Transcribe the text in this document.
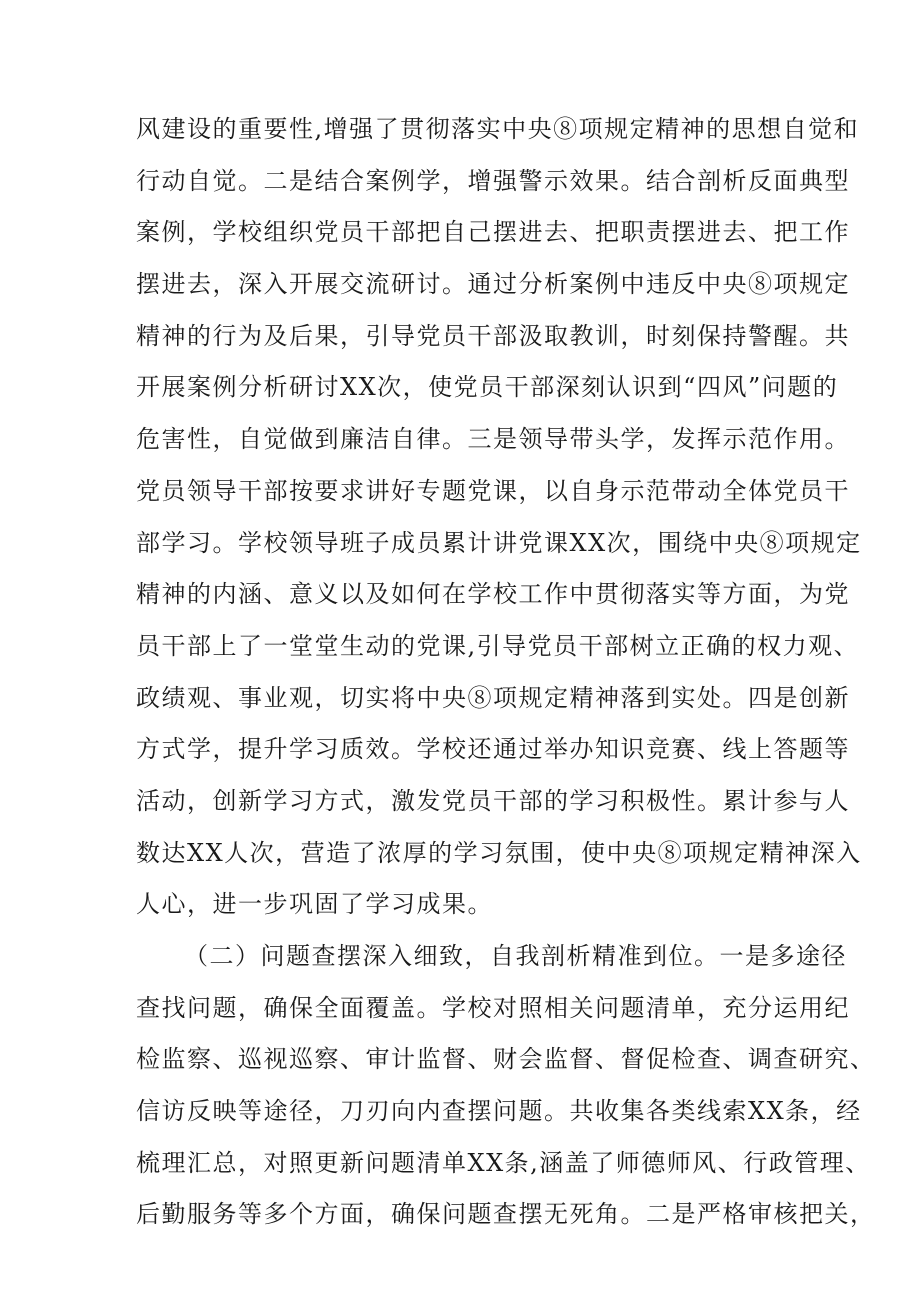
风建设的重要性,增强了贯彻落实中央⑧项规定精神的思想自觉和
行动自觉。二是结合案例学，增强警示效果。结合剖析反面典型
案例，学校组织党员干部把自己摆进去、把职责摆进去、把工作
摆进去，深入开展交流研讨。通过分析案例中违反中央⑧项规定
精神的行为及后果，引导党员干部汲取教训，时刻保持警醒。共
开展案例分析研讨XX次，使党员干部深刻认识到“四风”问题的
危害性，自觉做到廉洁自律。三是领导带头学，发挥示范作用。
党员领导干部按要求讲好专题党课，以自身示范带动全体党员干
部学习。学校领导班子成员累计讲党课XX次，围绕中央⑧项规定
精神的内涵、意义以及如何在学校工作中贯彻落实等方面，为党
员干部上了一堂堂生动的党课,引导党员干部树立正确的权力观、
政绩观、事业观，切实将中央⑧项规定精神落到实处。四是创新
方式学，提升学习质效。学校还通过举办知识竞赛、线上答题等
活动，创新学习方式，激发党员干部的学习积极性。累计参与人
数达XX人次，营造了浓厚的学习氛围，使中央⑧项规定精神深入
人心，进一步巩固了学习成果。
（二）问题查摆深入细致，自我剖析精准到位。一是多途径
查找问题，确保全面覆盖。学校对照相关问题清单，充分运用纪
检监察、巡视巡察、审计监督、财会监督、督促检查、调查研究、
信访反映等途径，刀刃向内查摆问题。共收集各类线索XX条，经
梳理汇总，对照更新问题清单XX条,涵盖了师德师风、行政管理、
后勤服务等多个方面，确保问题查摆无死角。二是严格审核把关，
